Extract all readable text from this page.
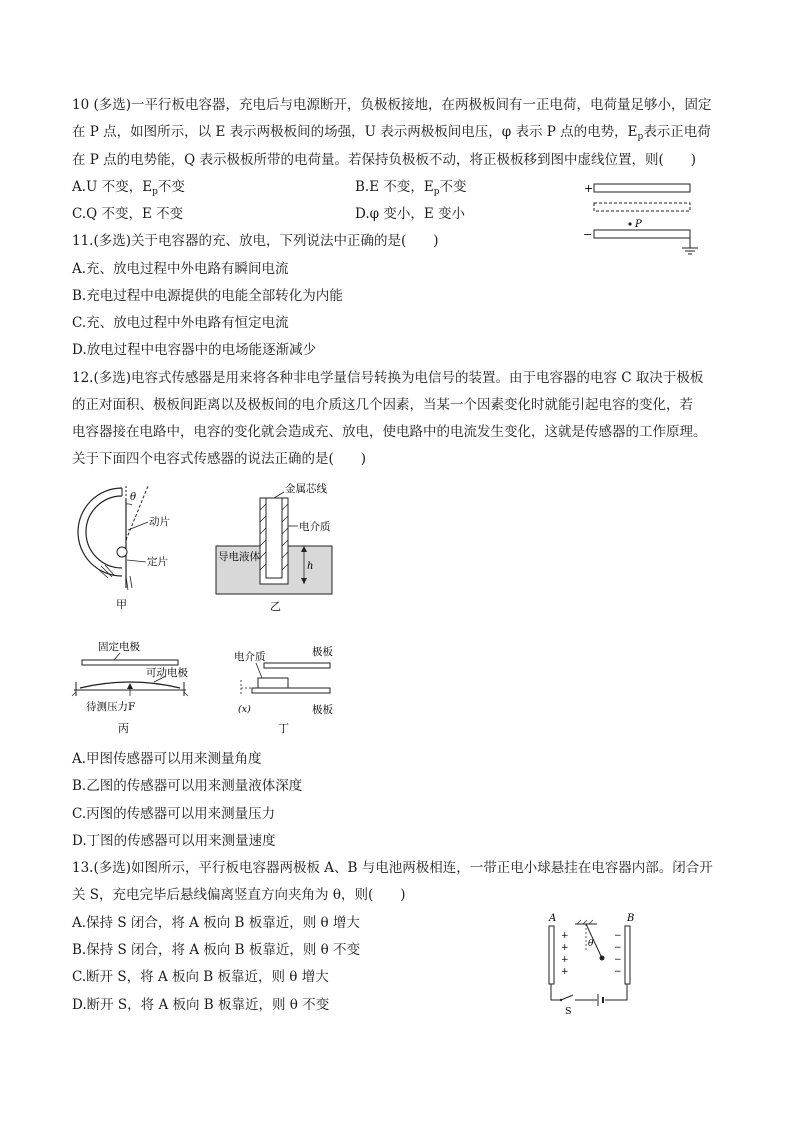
10 (多选)一平行板电容器，充电后与电源断开，负极板接地，在两极板间有一正电荷，电荷量足够小，固定
在 P 点，如图所示，以 E 表示两极板间的场强，U 表示两极板间电压，φ 表示 P 点的电势，$E_p$表示正电荷
在 P 点的电势能，Q 表示极板所带的电荷量。若保持负极板不动，将正极板移到图中虚线位置，则(　　)
A.U 不变，$E_p$不变	B.E 不变，$E_p$不变
C.Q 不变，E 不变	D.φ 变小，E 变小
+
P
−
11.(多选)关于电容器的充、放电，下列说法中正确的是(　　)
A.充、放电过程中外电路有瞬间电流
B.充电过程中电源提供的电能全部转化为内能
C.充、放电过程中外电路有恒定电流
D.放电过程中电容器中的电场能逐渐减少
12.(多选)电容式传感器是用来将各种非电学量信号转换为电信号的装置。由于电容器的电容 C 取决于极板
的正对面积、极板间距离以及极板间的电介质这几个因素，当某一个因素变化时就能引起电容的变化，若
电容器接在电路中，电容的变化就会造成充、放电，使电路中的电流发生变化，这就是传感器的工作原理。
关于下面四个电容式传感器的说法正确的是(　　)
θ
动片
定片
甲
金属芯线
电介质
导电液体
h
乙
固定电极
可动电极
待测压力F
丙
电介质	极板
(x)	极板
丁
A.甲图传感器可以用来测量角度
B.乙图的传感器可以用来测量液体深度
C.丙图的传感器可以用来测量压力
D.丁图的传感器可以用来测量速度
13.(多选)如图所示，平行板电容器两极板 A、B 与电池两极相连，一带正电小球悬挂在电容器内部。闭合开
关 S，充电完毕后悬线偏离竖直方向夹角为 θ，则(　　)
A.保持 S 闭合，将 A 板向 B 板靠近，则 θ 增大
B.保持 S 闭合，将 A 板向 B 板靠近，则 θ 不变
C.断开 S，将 A 板向 B 板靠近，则 θ 增大
D.断开 S，将 A 板向 B 板靠近，则 θ 不变
A	B
+
+
+
+
−
−
−
−
θ
S
